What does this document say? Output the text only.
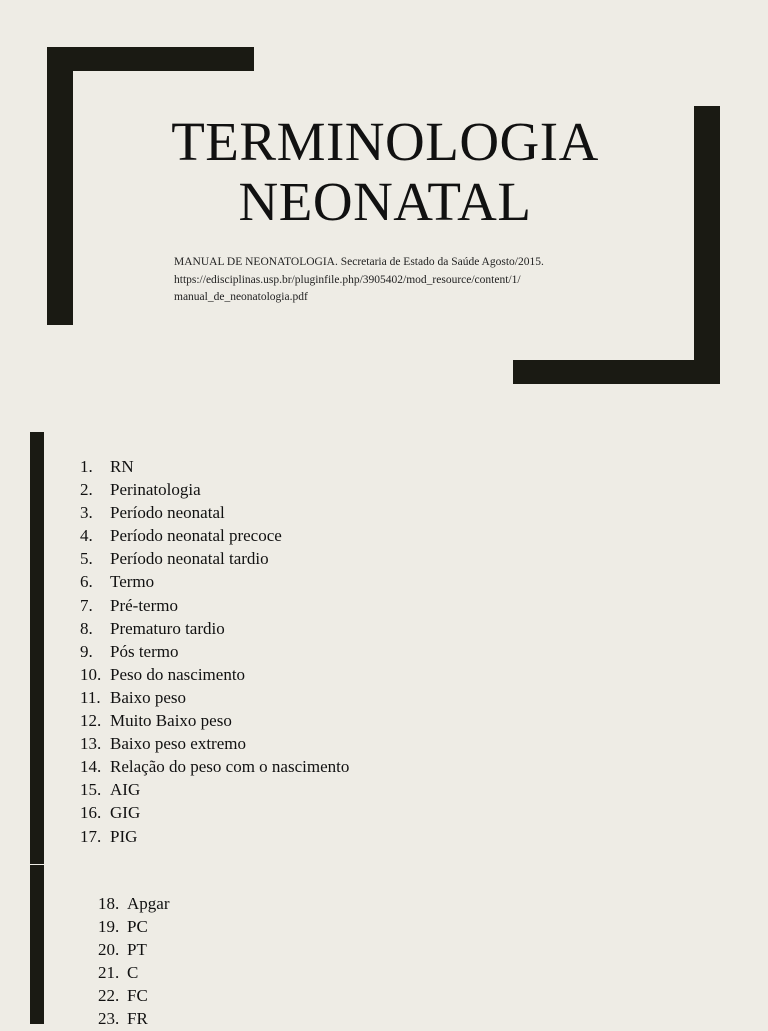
TERMINOLOGIA
NEONATAL
MANUAL DE NEONATOLOGIA. Secretaria de Estado da Saúde Agosto/2015.
https://edisciplinas.usp.br/pluginfile.php/3905402/mod_resource/content/1/
manual_de_neonatologia.pdf
1. RN
2. Perinatologia
3. Período neonatal
4. Período neonatal precoce
5. Período neonatal tardio
6. Termo
7. Pré-termo
8. Prematuro tardio
9. Pós termo
10. Peso do nascimento
11. Baixo peso
12. Muito Baixo peso
13. Baixo peso extremo
14. Relação do peso com o nascimento
15. AIG
16. GIG
17. PIG
18. Apgar
19. PC
20. PT
21. C
22. FC
23. FR
